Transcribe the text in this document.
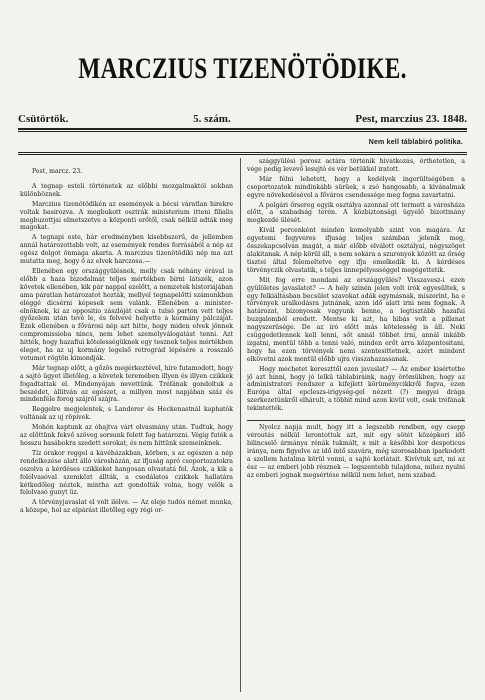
MARCZIUS TIZENÖTÖDIKE.
Csütörtök.	5. szám.	Pest, marczius 23. 1848.
Nem kell táblabiró politika.

Pest, marcz. 23.

A tegnap esteli történetek az előbbi mozgalmaktól sokban különböznek.

Marczius tizenötödikén az események a bécsi váratlan hirekre voltak basirozva. A megbukott osztrák ministerium itteni filialis megbuzottjai elmetszetve a központi erőtől, csak nélkül adták meg magokat.

A tegnapi este, bár eredményben kisebbszerű, de jellemben annál határozottabb volt, az események rendes forrásából a nép az egész dolgot önmaga akarta. A marczius tizenötödiki nép ma azt mutatta meg, hogy ő az elvek harczosa.—

Ellenében egy országgyülésnek, melly csak néhány érával is előbb a haza bizodalmát teljes mértékben birni látszék, azon követek ellenében, kik pár nappal ezelőtt, a nemzetek historiájában ama páratlan határozatot hozták, mellyel tegnapelőtti számunkban eléggé dicsérni képesek sem valánk. Ellenében a minister-elnöknek, ki az oppositio zászlóját csak a tulsó parton vett teljes győzelem után tevé le, és felvevé helyette a kormány pálczáját. Ezek ellenében a fővárosi nép azt hitte, hogy miden elvek jönnek compromissioba nincs, nem lehet személyválogatást tenni. Azt hitték, hogy hazafiui kötelességüknek egy tesznek teljes mértékben eleget, ha az uj kormány legelső retrográd lépésére a rosszaló votumot rögtön kimondják.

Már tegnap előtt, a gőzös megérkeztével, hire futamodott, hogy a sajtó ügyet illetőleg, a követek teremében illyen és illyen czikkek fogadtattak el. Mindenyájan nevettünk. Tréfának gondoltuk a beszédet, állitván az egészet, a millyen most napjában száz és mindenféle forog szájról szájra.

Reggelre megjelentek, s Landerer és Heckenastnál kaphatók voltának az uj röpivek.

Mohón kaptunk az óhajtva várt olvasmány után. Tudtuk, hogy az előttünk fekvő szöveg sorsunk felett fog határozni. Végig futók a hosszu hasábokra szedett sorokat, és nem hittünk szemeinknek.

Tíz órakor reggel a kávéházakban, körben, s az egészen a nép rendelkezése alatt álló városházán, az ifjuság apró csoportozatokra oszolva a kérdéses czikkeket hangosan olvastatá fel. Azok, a kik a folólvasóval szemközt állták, a csodálatos czikkek hallatára kétkedőleg néztek, mintha azt gondolták volna, hogy velők a felolvasó gunyt üz.

A törvényjavaslat el volt ilélve. — Az eleje tudós német munka, a közepe, hol az elpárást illetőleg egy régi or-

szággyülési porosz actára történik hivatkozás, érthetetlen, a vége pedig levevő lesujtó és vér betükkel iratott.

Már félni lehetett, hogy a kedélyek ingerültségében a csoportozatok mindinkább sürüek, s zsó hangosabb, a kivánalmak egyre növekedésével a főváros csendessége meg fogna zavartatni.

A polgári őrsereg egyik osztálya azonnal ott termett a városháza előtt, a szabadság terén. A közbiztonsági ügyelő bizottmány megkezdé ülését.

Kivál percenként minden komolyabb szint von magára. Az egyetemi fegyveres ifjuság teljes számban jelenik meg, összekapcsolván magát, a már előbb elválott osztályai, négyszöget alakitanak. A nép körül áll, s nem sokára a szuronyok között az őrség tisztei által felemeltetve egy ifju emelkedik ki. A kérdéses törvényczik olvastatik, s teljes ünnepélyességgel megégettetik.

Mit fog erre mondani az országgyülés? Visszavesz-i ezen gyülöletes javaslatot? — A hely szinén jelen volt irók egyesültek, s egy felkiáltásban becsület szavokat adák egymásnak, miszerint, ha e törvények uralkodásra jutnának, azon idő alatt irni nem fognak. A határozat, bizonyosak vagyunk benne, a legtisztább hazafui buzgalomból eredett. Mentse ki azt, ha hibás volt a pillanat nagyszerüsége. De az író előtt más kötelesség is áll. Neki csüggedetlennek kell lenni, sőt annál többet írni, annál inkább izgatni, mentül több a tenni való, minden erőt arra központositani, hogy ha ezen törvények nemi szentesittetnek, azért mindent elkövetni azok mentül előbb ujra visszahazassanak.

Hogy mechetet kereszttől ezen javaslat? — Az ember kisértetbe jő azt hinni, hogy jó lelkü táblabiráink, nagy örömükben, hogy az administratori rendszer a kifejlett körüménycikkről fogva, ezen Európa által epcleszs-irigység-gel nézett (?) megyei drága szerkezetünkről elhárult, a többit mind azon kivül volt, csak tréfának tekintették.

Nyolcz napja mult, hogy itt a legszebb rendben, egy csepp véroutás nélkül lerontottuk azt, mit egy sötét középkori idő bilincselő ármánya rénák tukmált, s mit a későbbi kor despoticus iránya, nem figyelve az idő intő szavára, még szorosabban iparkodott a szellem hatalma körül vonni, a sajtó korlátait. Kivívtuk azt, mi az ész — az emberi jobb résznek — legszentebb tulajdona, mihez nyulni az emberi jognak megsértése nélkül nem lehet, nem szabad.
